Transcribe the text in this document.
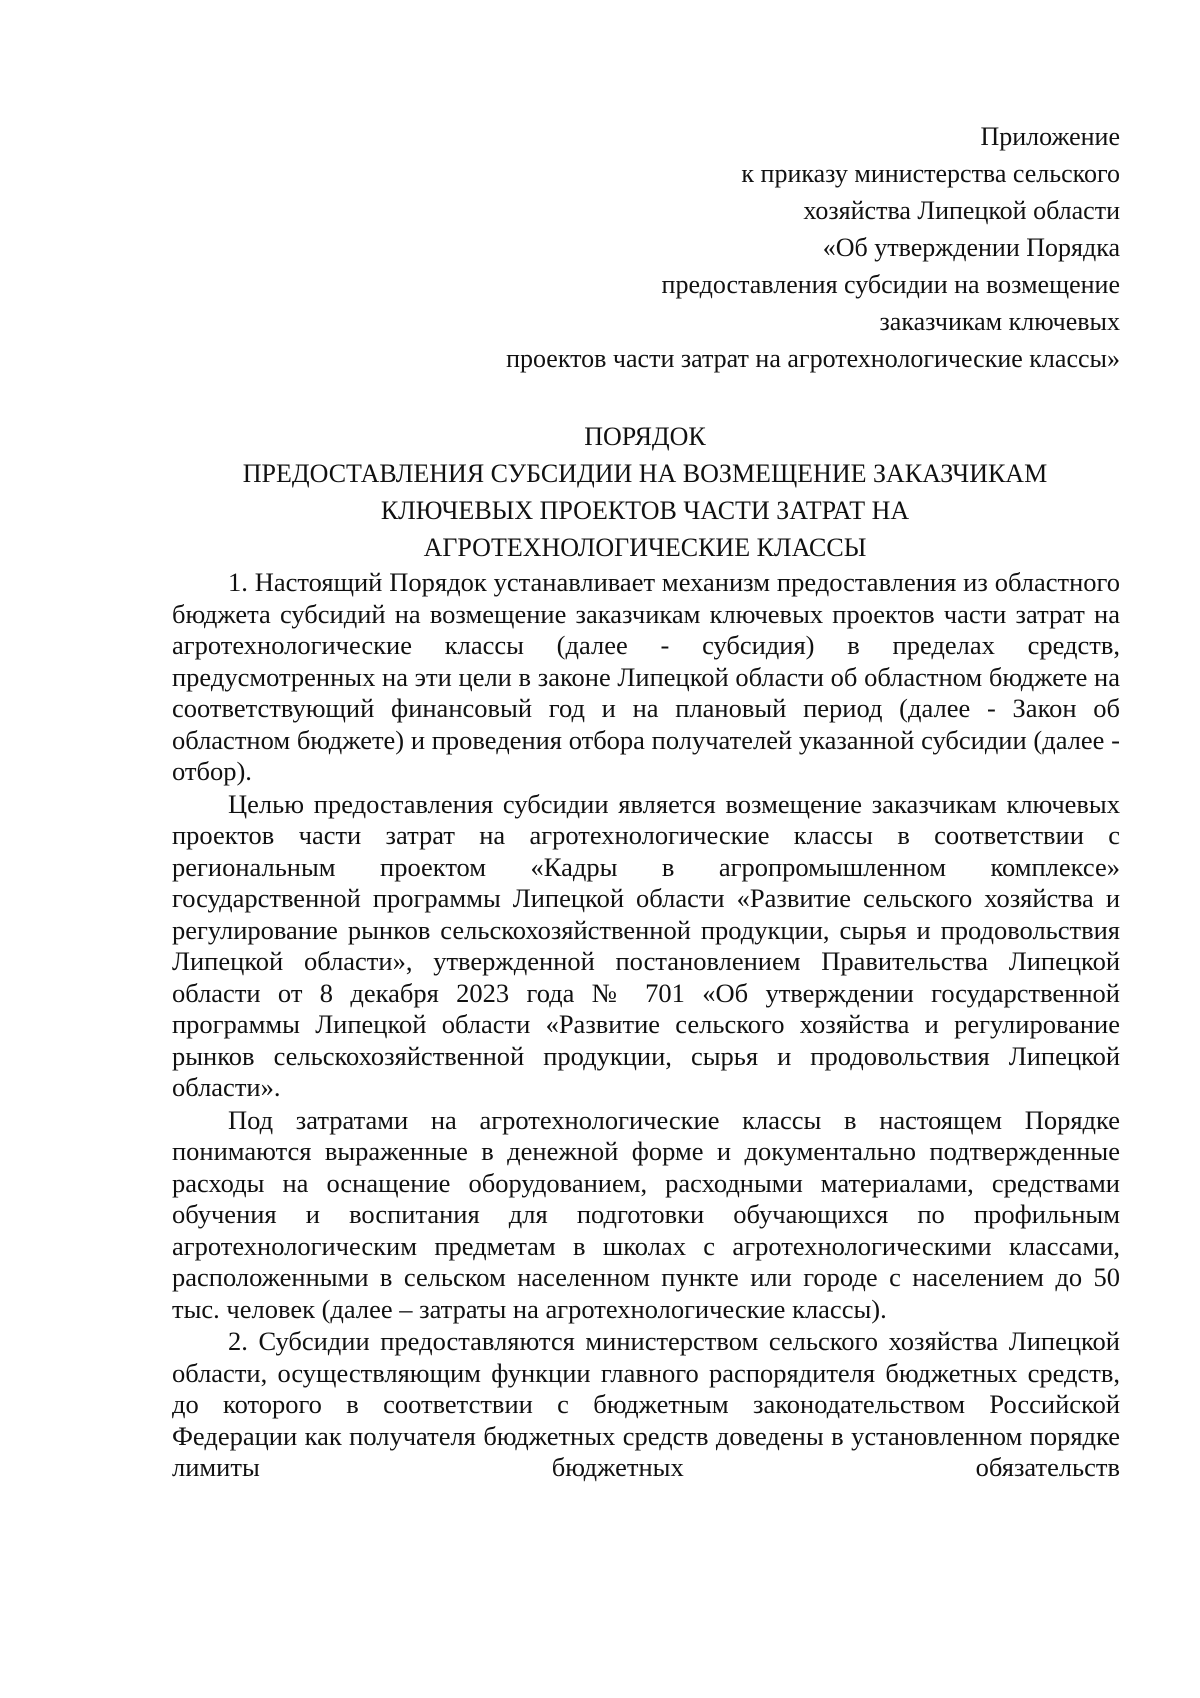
Приложение
к приказу министерства сельского
хозяйства Липецкой области
«Об утверждении Порядка
предоставления субсидии на возмещение
заказчикам ключевых
проектов части затрат на агротехнологические классы»
ПОРЯДОК
ПРЕДОСТАВЛЕНИЯ СУБСИДИИ НА ВОЗМЕЩЕНИЕ ЗАКАЗЧИКАМ
КЛЮЧЕВЫХ ПРОЕКТОВ ЧАСТИ ЗАТРАТ НА
АГРОТЕХНОЛОГИЧЕСКИЕ КЛАССЫ

1. Настоящий Порядок устанавливает механизм предоставления из областного бюджета субсидий на возмещение заказчикам ключевых проектов части затрат на агротехнологические классы (далее - субсидия) в пределах средств, предусмотренных на эти цели в законе Липецкой области об областном бюджете на соответствующий финансовый год и на плановый период (далее - Закон об областном бюджете) и проведения отбора получателей указанной субсидии (далее - отбор).

Целью предоставления субсидии является возмещение заказчикам ключевых проектов части затрат на агротехнологические классы в соответствии с региональным проектом «Кадры в агропромышленном комплексе» государственной программы Липецкой области «Развитие сельского хозяйства и регулирование рынков сельскохозяйственной продукции, сырья и продовольствия Липецкой области», утвержденной постановлением Правительства Липецкой области от 8 декабря 2023 года № 701 «Об утверждении государственной программы Липецкой области «Развитие сельского хозяйства и регулирование рынков сельскохозяйственной продукции, сырья и продовольствия Липецкой области».

Под затратами на агротехнологические классы в настоящем Порядке понимаются выраженные в денежной форме и документально подтвержденные расходы на оснащение оборудованием, расходными материалами, средствами обучения и воспитания для подготовки обучающихся по профильным агротехнологическим предметам в школах с агротехнологическими классами, расположенными в сельском населенном пункте или городе с населением до 50 тыс. человек (далее – затраты на агротехнологические классы).

2. Субсидии предоставляются министерством сельского хозяйства Липецкой области, осуществляющим функции главного распорядителя бюджетных средств, до которого в соответствии с бюджетным законодательством Российской Федерации как получателя бюджетных средств доведены в установленном порядке лимиты бюджетных обязательств
